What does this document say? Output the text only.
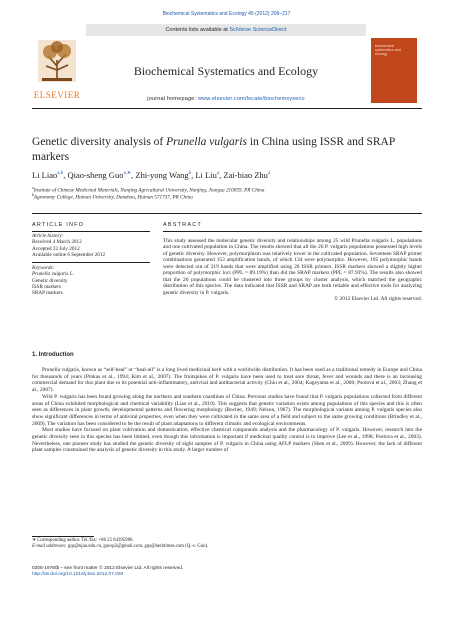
Biochemical Systematics and Ecology 45 (2012) 209–217
Contents lists available at SciVerse ScienceDirect
ELSEVIER
Biochemical Systematics and Ecology
journal homepage: www.elsevier.com/locate/biochemsyseco
biochemical systematics and ecology
Genetic diversity analysis of Prunella vulgaris in China using ISSR and SRAP markers
Li Liao$^{a,b}$, Qiao-sheng Guo$^{a,∗}$, Zhi-yong Wang$^b$, Li Liu$^a$, Zai-biao Zhu$^a$
$^a$Institute of Chinese Medicinal Materials, Nanjing Agricultural University, Nanjing, Jiangsu 210059, PR China
$^b$Agronomy College, Hainan University, Danzhou, Hainan 571737, PR China
ARTICLE INFO
Article history:
Received 4 March 2012
Accepted 22 July 2012
Available online 6 September 2012
Keywords:
Prunella vulgaris L.
Genetic diversity
ISSR markers
SRAP markers
ABSTRACT
This study assessed the molecular genetic diversity and relationships among 25 wild Prunella vulgaris L. populations and one cultivated population in China. The results showed that all the 26 P. vulgaris populations possessed high levels of genetic diversity. However, polymorphism was relatively lower in the cultivated population. Seventeen SRAP primer combinations generated 153 amplification bands, of which 134 were polymorphic. However, 195 polymorphic bands were detected out of 219 bands that were amplified using 20 ISSR primers. ISSR markers showed a slightly higher proportion of polymorphic loci (PPL = 89.19%) than did the SRAP markers (PPL = 87.93%). The results also showed that the 26 populations could be clustered into three groups by cluster analysis, which matched the geographic distribution of this species. The data indicated that ISSR and SRAP are both reliable and effective tools for analyzing genetic diversity in P. vulgaris.
© 2012 Elsevier Ltd. All rights reserved.
1. Introduction

Prunella vulgaris, known as “self-heal” or “heal-all” is a long lived medicinal herb with a worldwide distribution. It has been used as a traditional remedy in Europe and China for thousands of years (Pinkas et al., 1994; Kim et al., 2007). The fruitspikes of P. vulgaris have been used to treat sore throat, fever and wounds and there is an increasing commercial demand for this plant due to its potential anti-inflammatory, antiviral and antibacterial activity (Chiu et al., 2004; Kageyama et al., 2000; Psotová et al., 2003; Zhang et al., 2007).

Wild P. vulgaris has been found growing along the northern and southern coastlines of China. Previous studies have found that P. vulgaris populations collected from different areas of China exhibited morphological and chemical variability (Liao et al., 2010). This suggests that genetic variation exists among populations of this species and this is often seen as differences in plant growth, developmental patterns and flowering morphology (Bocher, 1949; Nelson, 1967). The morphological variants among P. vulgaris species also show significant differences in terms of antiviral properties, even when they were cultivated in the same area of a field and subject to the same growing conditions (Brindley et al., 2009). The variation has been considered to be the result of plant adaptations to different climatic and ecological environments.

Most studies have focused on plant cultivation and domestication, effective chemical compounds analysis and the pharmacology of P. vulgaris. However, research into the genetic diversity seen in this species has been limited, even though this information is important if medicinal quality control is to improve (Lee et al., 1998; Psotova et al., 2003). Nevertheless, one pioneer study has studied the genetic diversity of eight samples of P. vulgaris in China using AFLP markers (Shen et al., 2009). However, the lack of different plant samples constrained the analysis of genetic diversity in this study. A larger number of

∗ Corresponding author. Tel./fax: +86 25 84395980.
E-mail addresses: gqs@njau.edu.cn, guoqs2@gmail.com, gqs@herbtimes.com (Q.-s. Guo).
0305-1978/$ – see front matter © 2012 Elsevier Ltd. All rights reserved.
http://dx.doi.org/10.1016/j.bse.2012.07.030
